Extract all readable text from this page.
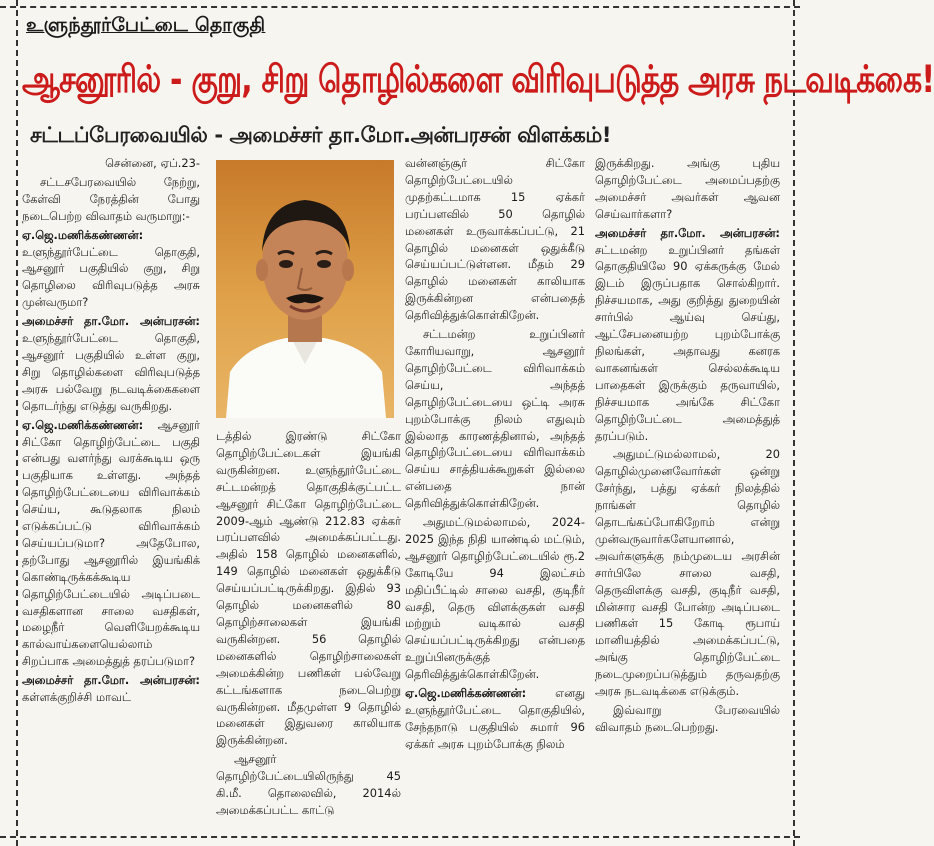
உளுந்தூர்பேட்டை தொகுதி
ஆசனூரில் - குறு, சிறு தொழில்களை விரிவுபடுத்த அரசு நடவடிக்கை!
சட்டப்பேரவையில் - அமைச்சர் தா.மோ.அன்பரசன் விளக்கம்!

சென்னை, ஏப்.23-

சட்டசபேரவையில் நேற்று, கேள்வி நேரத்தின் போது நடைபெற்ற விவாதம் வருமாறு:-

ஏ.ஜெ.மணிக்கண்ணன்: உளுந்தூர்பேட்டை தொகுதி, ஆசனூர் பகுதியில் குறு, சிறு தொழிலை விரிவுபடுத்த அரசு முன்வருமா?

அமைச்சர் தா.மோ. அன்பரசன்: உளுந்தூர்பேட்டை தொகுதி, ஆசனூர் பகுதியில் உள்ள குறு, சிறு தொழில்களை விரிவுபடுத்த அரசு பல்வேறு நடவடிக்கைகளை தொடர்ந்து எடுத்து வருகிறது.

ஏ.ஜெ.மணிக்கண்ணன்: ஆசனூர் சிட்கோ தொழிற்பேட்டை பகுதி என்பது வளர்ந்து வரக்கூடிய ஒரு பகுதியாக உள்ளது. அந்தத் தொழிற்பேட்டையை விரிவாக்கம் செய்ய, கூடுதலாக நிலம் எடுக்கப்பட்டு விரிவாக்கம் செய்யப்படுமா? அதேபோல, தற்போது ஆசனூரில் இயங்கிக் கொண்டிருக்கக்கூடிய தொழிற்பேட்டையில் அடிப்படை வசதிகளான சாலை வசதிகள், மழைநீர் வெளியேறக்கூடிய கால்வாய்களையெல்லாம் சிறப்பாக அமைத்துத் தரப்படுமா?

அமைச்சர் தா.மோ. அன்பரசன்: கள்ளக்குறிச்சி மாவட்

டத்தில் இரண்டு சிட்கோ தொழிற்பேட்டைகள் இயங்கி வருகின்றன. உளுந்தூர்பேட்டை சட்டமன்றத் தொகுதிக்குட்பட்ட ஆசனூர் சிட்கோ தொழிற்பேட்டை 2009-ஆம் ஆண்டு 212.83 ஏக்கர் பரப்பளவில் அமைக்கப்பட்டது. அதில் 158 தொழில் மனைகளில், 149 தொழில் மனைகள் ஒதுக்கீடு செய்யப்பட்டிருக்கிறது. இதில் 93 தொழில் மனைகளில் 80 தொழிற்சாலைகள் இயங்கி வருகின்றன. 56 தொழில் மனைகளில் தொழிற்சாலைகள் அமைக்கின்ற பணிகள் பல்வேறு கட்டங்களாக நடைபெற்று வருகின்றன. மீதமுள்ள 9 தொழில் மனைகள் இதுவரை காலியாக இருக்கின்றன.

ஆசனூர் தொழிற்பேட்டையிலிருந்து 45 கி.மீ. தொலைவில், 2014ல் அமைக்கப்பட்ட காட்டு

வன்னஞ்சூர் சிட்கோ தொழிற்பேட்டையில் முதற்கட்டமாக 15 ஏக்கர் பரப்பளவில் 50 தொழில் மனைகள் உருவாக்கப்பட்டு, 21 தொழில் மனைகள் ஒதுக்கீடு செய்யப்பட்டுள்ளன. மீதம் 29 தொழில் மனைகள் காலியாக இருக்கின்றன என்பதைத் தெரிவித்துக்கொள்கிறேன்.

சட்டமன்ற உறுப்பினர் கோரியவாறு, ஆசனூர் தொழிற்பேட்டை விரிவாக்கம் செய்ய, அந்தத் தொழிற்பேட்டையை ஒட்டி அரசு புறம்போக்கு நிலம் எதுவும் இல்லாத காரணத்தினால், அந்தத் தொழிற்பேட்டையை விரிவாக்கம் செய்ய சாத்தியக்கூறுகள் இல்லை என்பதை நான் தெரிவித்துக்கொள்கிறேன்.

அதுமட்டுமல்லாமல், 2024-2025 இந்த நிதி யாண்டில் மட்டும், ஆசனூர் தொழிற்பேட்டையில் ரூ.2 கோடியே 94 இலட்சம் மதிப்பீட்டில் சாலை வசதி, குடிநீர் வசதி, தெரு விளக்குகள் வசதி மற்றும் வடிகால் வசதி செய்யப்பட்டிருக்கிறது என்பதை உறுப்பினருக்குத் தெரிவித்துக்கொள்கிறேன்.

ஏ.ஜெ.மணிக்கண்ணன்: எனது உளுந்தூர்பேட்டை தொகுதியில், சேந்தநாடு பகுதியில் சுமார் 96 ஏக்கர் அரசு புறம்போக்கு நிலம்

இருக்கிறது. அங்கு புதிய தொழிற்பேட்டை அமைப்பதற்கு அமைச்சர் அவர்கள் ஆவன செய்வார்களா?

அமைச்சர் தா.மோ. அன்பரசன்: சட்டமன்ற உறுப்பினர் தங்கள் தொகுதியிலே 90 ஏக்கருக்கு மேல் இடம் இருப்பதாக சொல்கிறார். நிச்சயமாக, அது குறித்து துறையின் சார்பில் ஆய்வு செய்து, ஆட்சேபனையற்ற புறம்போக்கு நிலங்கள், அதாவது கனரக வாகனங்கள் செல்லக்கூடிய பாதைகள் இருக்கும் தருவாயில், நிச்சயமாக அங்கே சிட்கோ தொழிற்பேட்டை அமைத்துத் தரப்படும்.

அதுமட்டுமல்லாமல், 20 தொழில்முனைவோர்கள் ஒன்று சேர்ந்து, பத்து ஏக்கர் நிலத்தில் நாங்கள் தொழில் தொடங்கப்போகிறோம் என்று முன்வருவார்களேயானால், அவர்களுக்கு நம்முடைய அரசின் சார்பிலே சாலை வசதி, தெருவிளக்கு வசதி, குடிநீர் வசதி, மின்சார வசதி போன்ற அடிப்படை பணிகள் 15 கோடி ரூபாய் மானியத்தில் அமைக்கப்பட்டு, அங்கு தொழிற்பேட்டை நடைமுறைப்படுத்தும் தருவதற்கு அரசு நடவடிக்கை எடுக்கும்.

இவ்வாறு பேரவையில் விவாதம் நடைபெற்றது.
